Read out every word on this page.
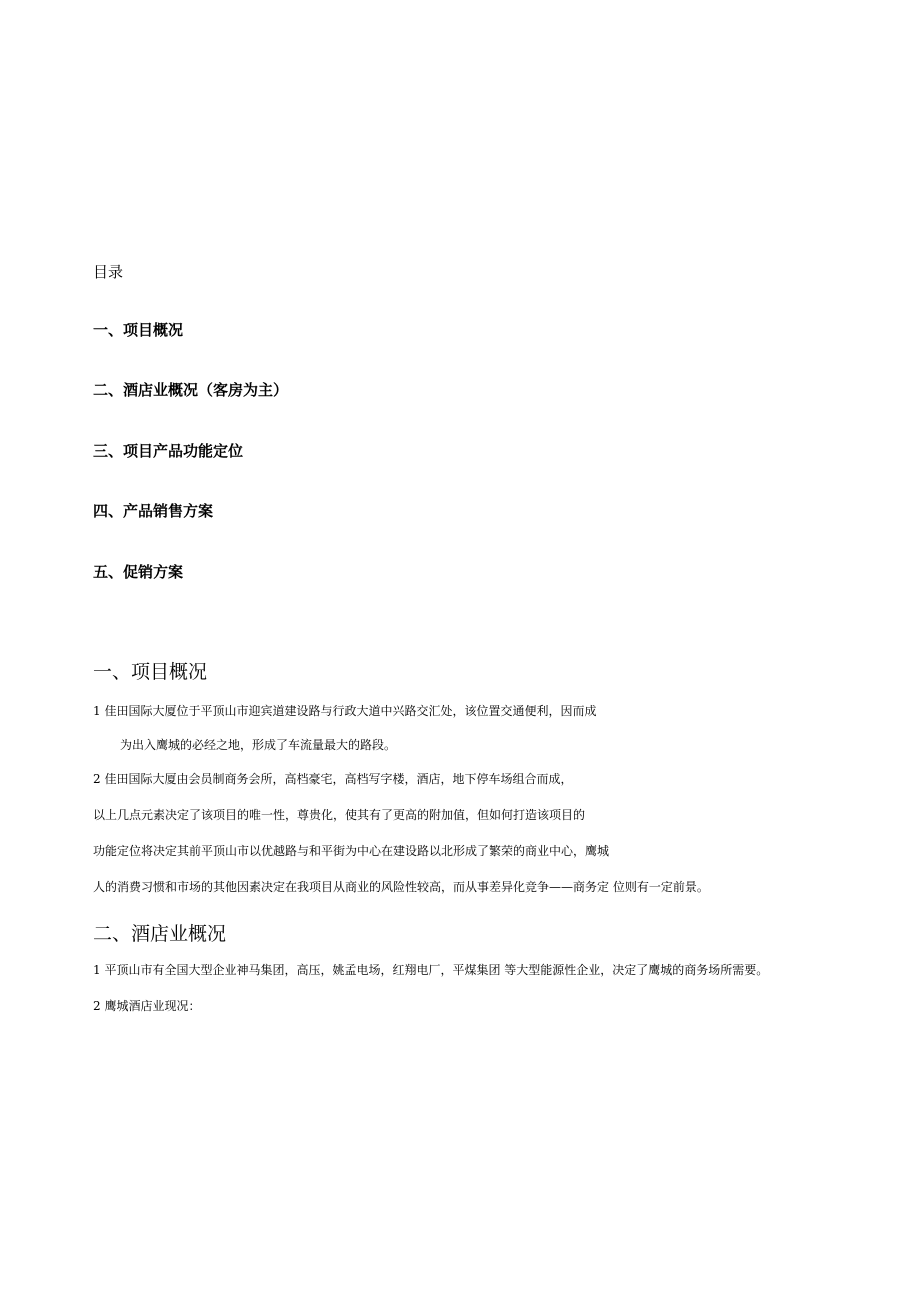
目录
一、项目概况
二、酒店业概况（客房为主）
三、项目产品功能定位
四、产品销售方案
五、促销方案
一、项目概况
1 佳田国际大厦位于平顶山市迎宾道建设路与行政大道中兴路交汇处，该位置交通便利，因而成
为出入鹰城的必经之地，形成了车流量最大的路段。
2 佳田国际大厦由会员制商务会所，高档豪宅，高档写字楼，酒店，地下停车场组合而成，
以上几点元素决定了该项目的唯一性，尊贵化，使其有了更高的附加值，但如何打造该项目的
功能定位将决定其前平顶山市以优越路与和平街为中心在建设路以北形成了繁荣的商业中心，鹰城
人的消费习惯和市场的其他因素决定在我项目从商业的风险性较高，而从事差异化竞争——商务定 位则有一定前景。
二、酒店业概况
1 平顶山市有全国大型企业神马集团，高压，姚孟电场，红翔电厂，平煤集团 等大型能源性企业，决定了鹰城的商务场所需要。
2 鹰城酒店业现况：
